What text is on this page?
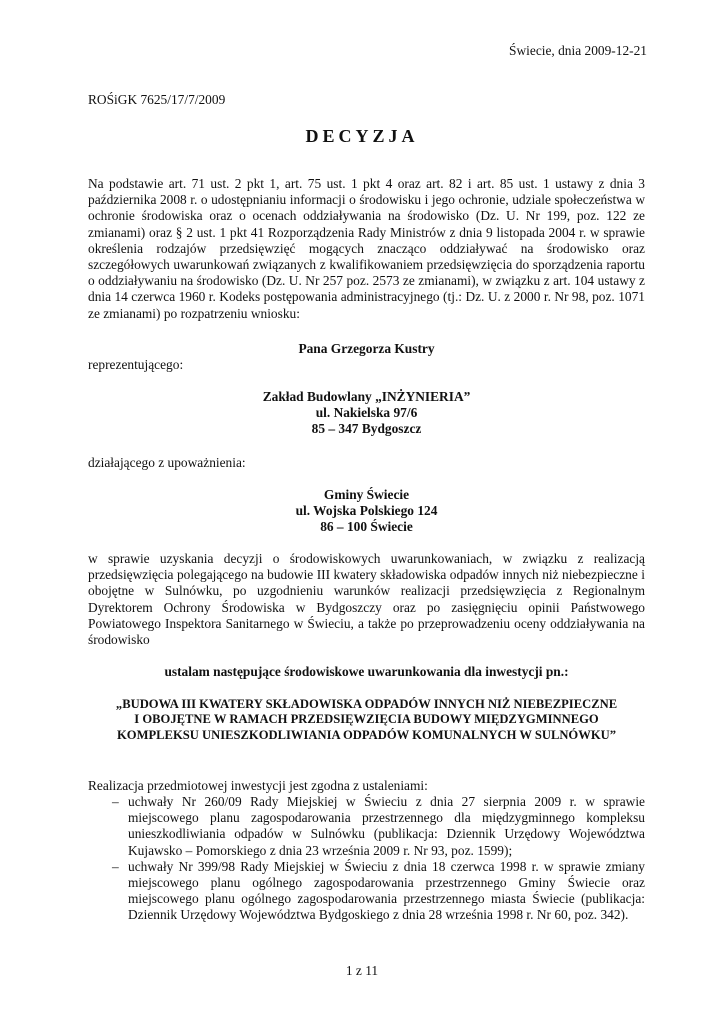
Świecie, dnia 2009-12-21
ROŚiGK 7625/17/7/2009
DECYZJA
Na podstawie art. 71 ust. 2 pkt 1, art. 75 ust. 1 pkt 4 oraz art. 82 i art. 85 ust. 1 ustawy z dnia 3 października 2008 r. o udostępnianiu informacji o środowisku i jego ochronie, udziale społeczeństwa w ochronie środowiska oraz o ocenach oddziaływania na środowisko (Dz. U. Nr 199, poz. 122 ze zmianami) oraz § 2 ust. 1 pkt 41 Rozporządzenia Rady Ministrów z dnia 9 listopada 2004 r. w sprawie określenia rodzajów przedsięwzięć mogących znacząco oddziaływać na środowisko oraz szczegółowych uwarunkowań związanych z kwalifikowaniem przedsięwzięcia do sporządzenia raportu o oddziaływaniu na środowisko (Dz. U. Nr 257 poz. 2573 ze zmianami), w związku z art. 104 ustawy z dnia 14 czerwca 1960 r. Kodeks postępowania administracyjnego (tj.: Dz. U. z 2000 r. Nr 98, poz. 1071 ze zmianami) po rozpatrzeniu wniosku:
Pana Grzegorza Kustry
reprezentującego:
Zakład Budowlany „INŻYNIERIA”
ul. Nakielska 97/6
85 – 347 Bydgoszcz
działającego z upoważnienia:
Gminy Świecie
ul. Wojska Polskiego 124
86 – 100 Świecie
w sprawie uzyskania decyzji o środowiskowych uwarunkowaniach, w związku z realizacją przedsięwzięcia polegającego na budowie III kwatery składowiska odpadów innych niż niebezpieczne i obojętne w Sulnówku, po uzgodnieniu warunków realizacji przedsięwzięcia z Regionalnym Dyrektorem Ochrony Środowiska w Bydgoszczy oraz po zasięgnięciu opinii Państwowego Powiatowego Inspektora Sanitarnego w Świeciu, a także po przeprowadzeniu oceny oddziaływania na środowisko
ustalam następujące środowiskowe uwarunkowania dla inwestycji pn.:
„BUDOWA III KWATERY SKŁADOWISKA ODPADÓW INNYCH NIŻ NIEBEZPIECZNE
I OBOJĘTNE W RAMACH PRZEDSIĘWZIĘCIA BUDOWY MIĘDZYGMINNEGO
KOMPLEKSU UNIESZKODLIWIANIA ODPADÓW KOMUNALNYCH W SULNÓWKU”
Realizacja przedmiotowej inwestycji jest zgodna z ustaleniami:
– uchwały Nr 260/09 Rady Miejskiej w Świeciu z dnia 27 sierpnia 2009 r. w sprawie miejscowego planu zagospodarowania przestrzennego dla międzygminnego kompleksu unieszkodliwiania odpadów w Sulnówku (publikacja: Dziennik Urzędowy Województwa Kujawsko – Pomorskiego z dnia 23 września 2009 r. Nr 93, poz. 1599);
– uchwały Nr 399/98 Rady Miejskiej w Świeciu z dnia 18 czerwca 1998 r. w sprawie zmiany miejscowego planu ogólnego zagospodarowania przestrzennego Gminy Świecie oraz miejscowego planu ogólnego zagospodarowania przestrzennego miasta Świecie (publikacja: Dziennik Urzędowy Województwa Bydgoskiego z dnia 28 września 1998 r. Nr 60, poz. 342).
1 z 11
